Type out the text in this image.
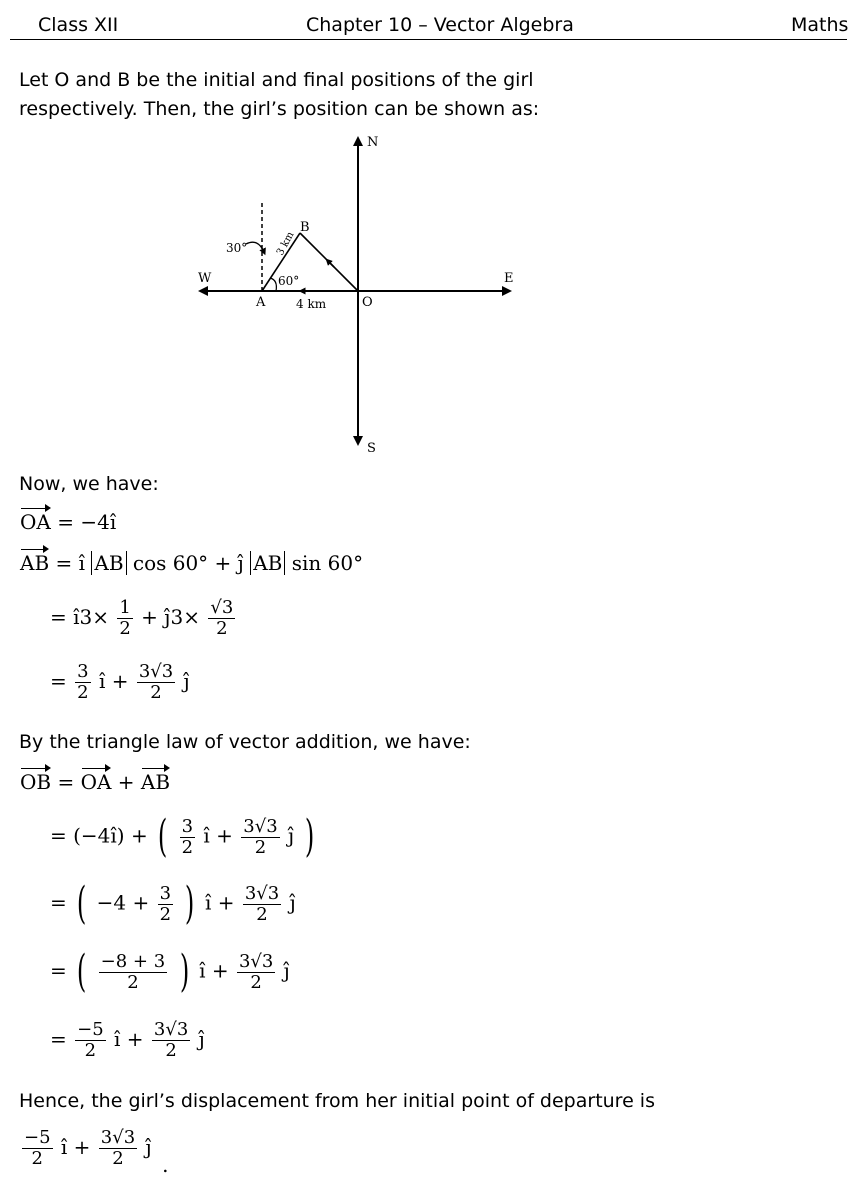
Class XII	Chapter 10 – Vector Algebra	Maths
Let O and B be the initial and final positions of the girl
respectively. Then, the girl’s position can be shown as:
N
S
E
W
A
B
O
30°
60°
3 km
4 km
Now, we have:
OA = −4î
AB = î AB cos 60° + ĵ AB sin 60°
= î3× $\frac{1}{2}$ + ĵ3× $\frac{√3}{2}$
= $\frac{3}{2}$ î + $\frac{3√3}{2}$ ĵ
By the triangle law of vector addition, we have:
OB = OA + AB
= (−4î) + ( $\frac{3}{2}$ î + $\frac{3√3}{2}$ ĵ )
= ( $-4 + \frac{3}{2}$ ) î + $\frac{3√3}{2}$ ĵ
= ( $\frac{-8 + 3}{2}$ ) î + $\frac{3√3}{2}$ ĵ
= $\frac{-5}{2}$ î + $\frac{3√3}{2}$ ĵ
Hence, the girl’s displacement from her initial point of departure is
$\frac{-5}{2}$ î + $\frac{3√3}{2}$ ĵ .
